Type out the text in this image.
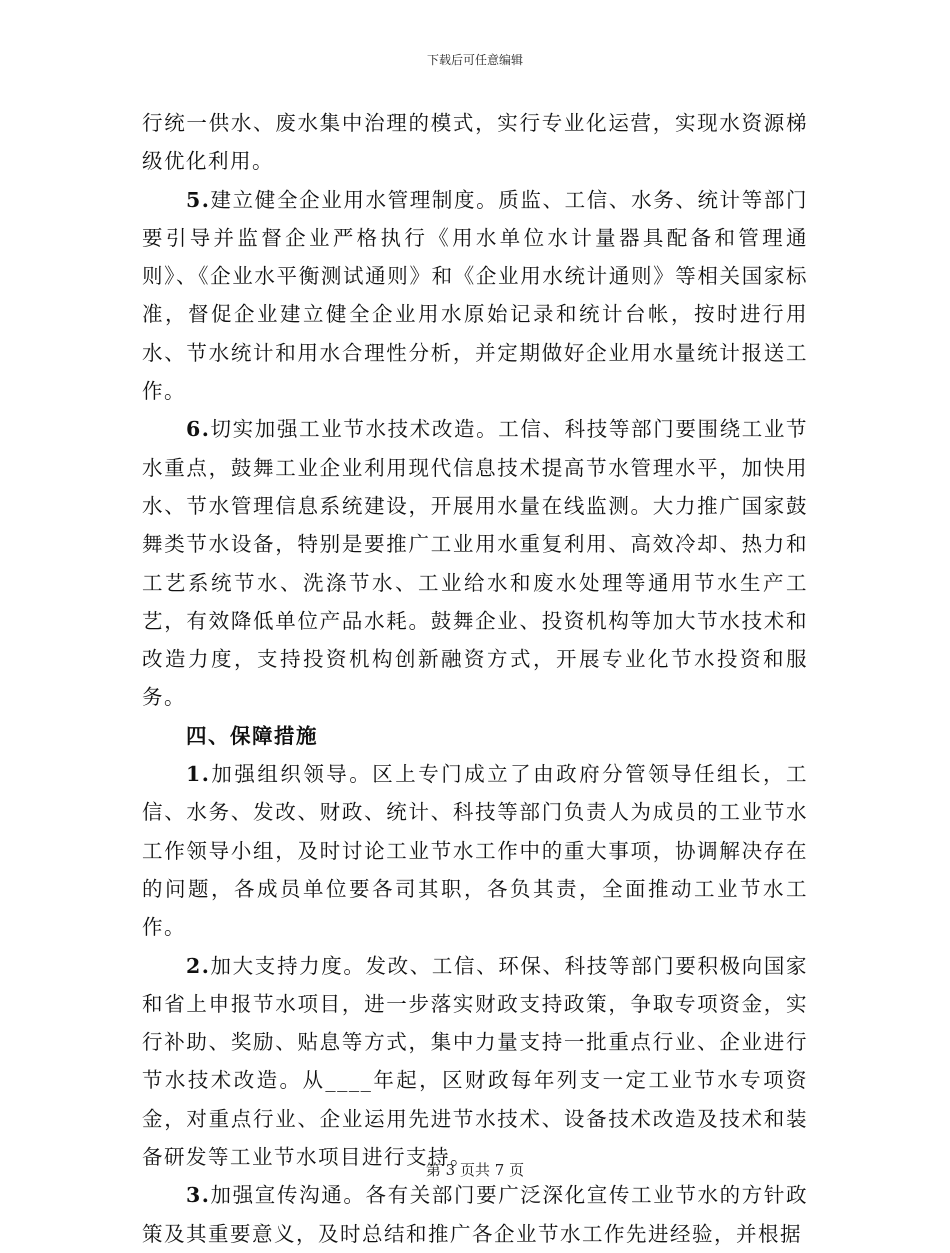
下载后可任意编辑

行统一供水、废水集中治理的模式，实行专业化运营，实现水资源梯级优化利用。

5.建立健全企业用水管理制度。质监、工信、水务、统计等部门要引导并监督企业严格执行《用水单位水计量器具配备和管理通则》、《企业水平衡测试通则》和《企业用水统计通则》等相关国家标准，督促企业建立健全企业用水原始记录和统计台帐，按时进行用水、节水统计和用水合理性分析，并定期做好企业用水量统计报送工作。

6.切实加强工业节水技术改造。工信、科技等部门要围绕工业节水重点，鼓舞工业企业利用现代信息技术提高节水管理水平，加快用水、节水管理信息系统建设，开展用水量在线监测。大力推广国家鼓舞类节水设备，特别是要推广工业用水重复利用、高效冷却、热力和工艺系统节水、洗涤节水、工业给水和废水处理等通用节水生产工艺，有效降低单位产品水耗。鼓舞企业、投资机构等加大节水技术和改造力度，支持投资机构创新融资方式，开展专业化节水投资和服务。

四、保障措施

1.加强组织领导。区上专门成立了由政府分管领导任组长，工信、水务、发改、财政、统计、科技等部门负责人为成员的工业节水工作领导小组，及时讨论工业节水工作中的重大事项，协调解决存在的问题，各成员单位要各司其职，各负其责，全面推动工业节水工作。

2.加大支持力度。发改、工信、环保、科技等部门要积极向国家和省上申报节水项目，进一步落实财政支持政策，争取专项资金，实行补助、奖励、贴息等方式，集中力量支持一批重点行业、企业进行节水技术改造。从____年起，区财政每年列支一定工业节水专项资金，对重点行业、企业运用先进节水技术、设备技术改造及技术和装备研发等工业节水项目进行支持。

3.加强宣传沟通。各有关部门要广泛深化宣传工业节水的方针政策及其重要意义，及时总结和推广各企业节水工作先进经验，并根据

第 3 页共 7 页
